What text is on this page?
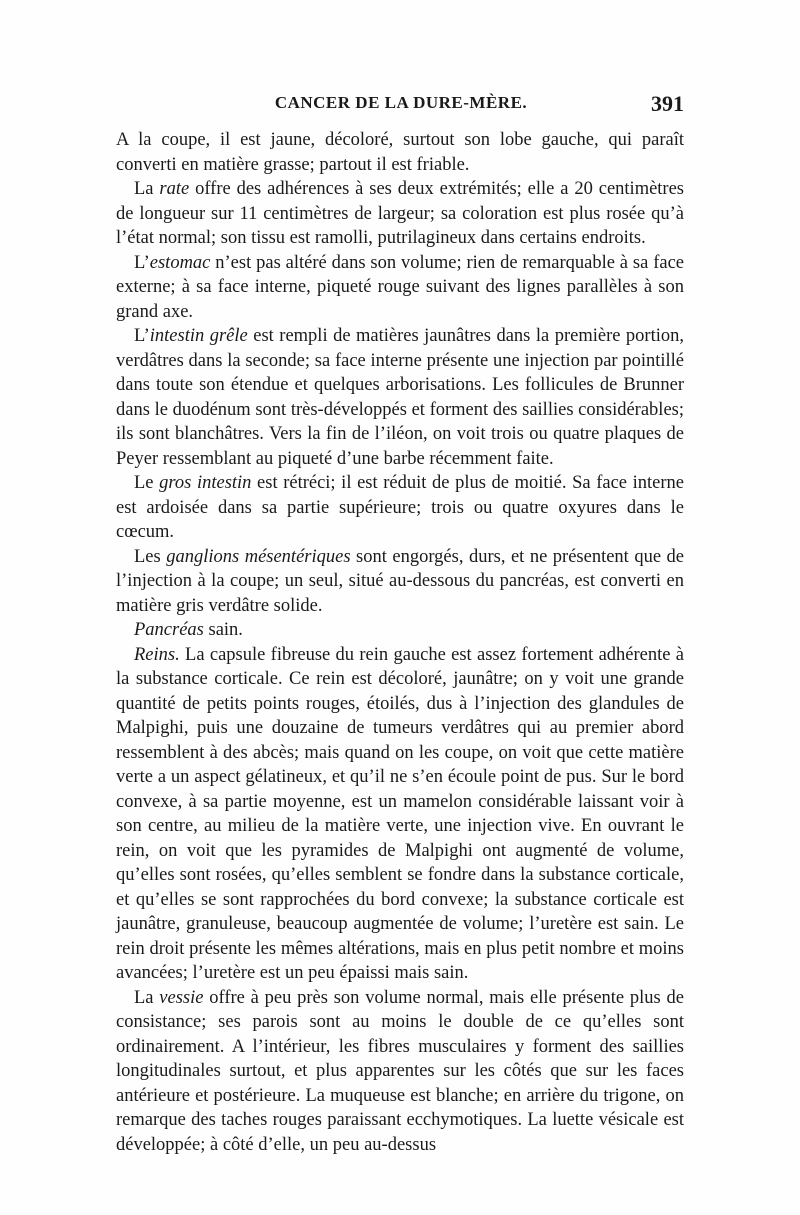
CANCER DE LA DURE-MÈRE.	391

A la coupe, il est jaune, décoloré, surtout son lobe gauche, qui paraît converti en matière grasse; partout il est friable.

La rate offre des adhérences à ses deux extrémités; elle a 20 centimètres de longueur sur 11 centimètres de largeur; sa coloration est plus rosée qu’à l’état normal; son tissu est ramolli, putrilagineux dans certains endroits.

L’estomac n’est pas altéré dans son volume; rien de remarquable à sa face externe; à sa face interne, piqueté rouge suivant des lignes parallèles à son grand axe.

L’intestin grêle est rempli de matières jaunâtres dans la première portion, verdâtres dans la seconde; sa face interne présente une injection par pointillé dans toute son étendue et quelques arborisations. Les follicules de Brunner dans le duodénum sont très-développés et forment des saillies considérables; ils sont blanchâtres. Vers la fin de l’iléon, on voit trois ou quatre plaques de Peyer ressemblant au piqueté d’une barbe récemment faite.

Le gros intestin est rétréci; il est réduit de plus de moitié. Sa face interne est ardoisée dans sa partie supérieure; trois ou quatre oxyures dans le cœcum.

Les ganglions mésentériques sont engorgés, durs, et ne présentent que de l’injection à la coupe; un seul, situé au-dessous du pancréas, est converti en matière gris verdâtre solide.

Pancréas sain.

Reins. La capsule fibreuse du rein gauche est assez fortement adhérente à la substance corticale. Ce rein est décoloré, jaunâtre; on y voit une grande quantité de petits points rouges, étoilés, dus à l’injection des glandules de Malpighi, puis une douzaine de tumeurs verdâtres qui au premier abord ressemblent à des abcès; mais quand on les coupe, on voit que cette matière verte a un aspect gélatineux, et qu’il ne s’en écoule point de pus. Sur le bord convexe, à sa partie moyenne, est un mamelon considérable laissant voir à son centre, au milieu de la matière verte, une injection vive. En ouvrant le rein, on voit que les pyramides de Malpighi ont augmenté de volume, qu’elles sont rosées, qu’elles semblent se fondre dans la substance corticale, et qu’elles se sont rapprochées du bord convexe; la substance corticale est jaunâtre, granuleuse, beaucoup augmentée de volume; l’uretère est sain. Le rein droit présente les mêmes altérations, mais en plus petit nombre et moins avancées; l’uretère est un peu épaissi mais sain.

La vessie offre à peu près son volume normal, mais elle présente plus de consistance; ses parois sont au moins le double de ce qu’elles sont ordinairement. A l’intérieur, les fibres musculaires y forment des saillies longitudinales surtout, et plus apparentes sur les côtés que sur les faces antérieure et postérieure. La muqueuse est blanche; en arrière du trigone, on remarque des taches rouges paraissant ecchymotiques. La luette vésicale est développée; à côté d’elle, un peu au-dessus
